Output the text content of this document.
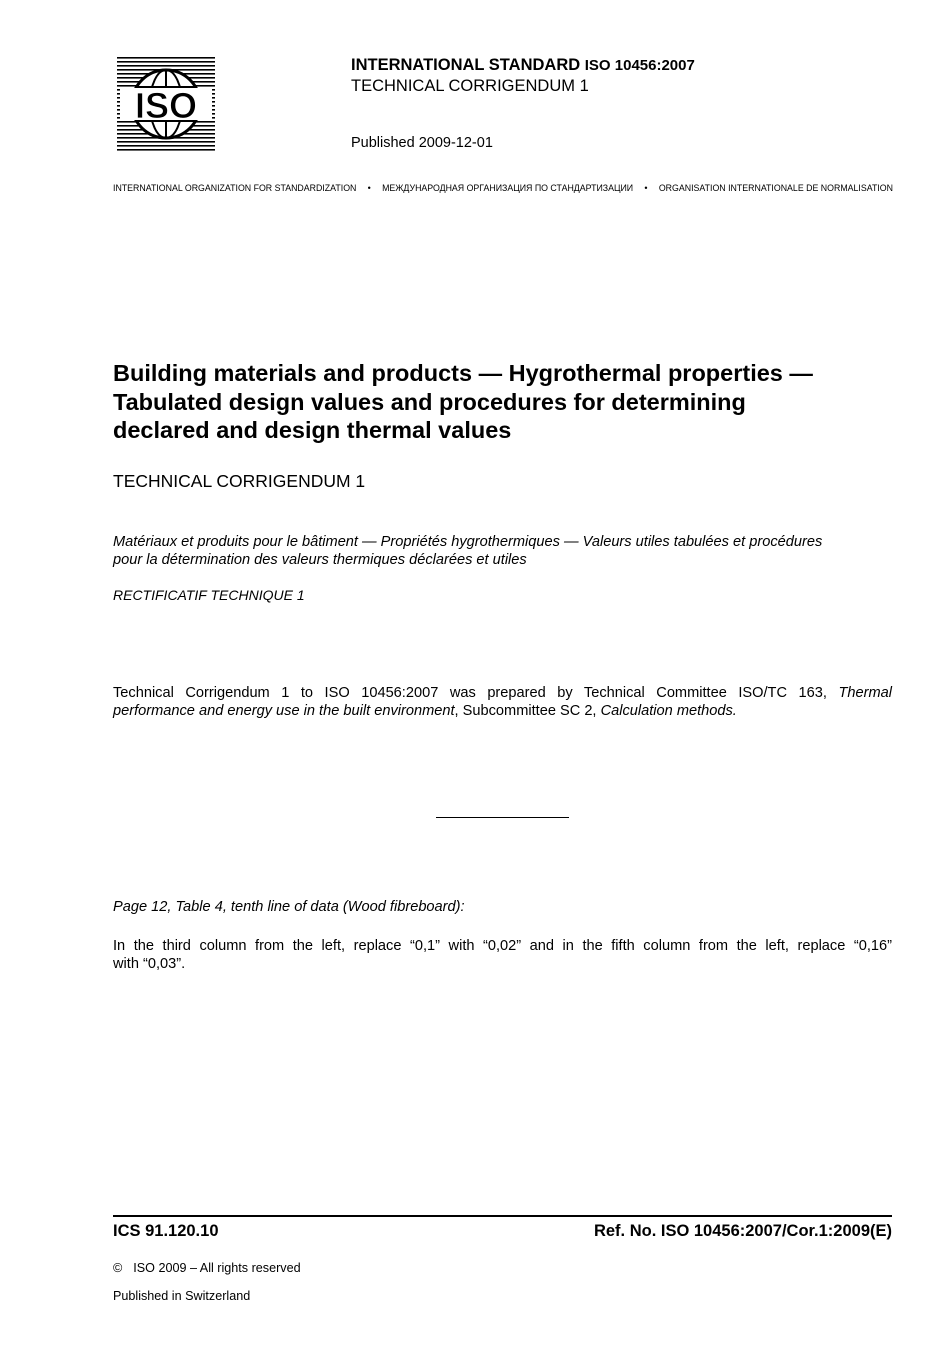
ISO
INTERNATIONAL STANDARD ISO 10456:2007
TECHNICAL CORRIGENDUM 1
Published 2009-12-01
INTERNATIONAL ORGANIZATION FOR STANDARDIZATION • МЕЖДУНАРОДНАЯ ОРГАНИЗАЦИЯ ПО СТАНДАРТИЗАЦИИ • ORGANISATION INTERNATIONALE DE NORMALISATION
Building materials and products — Hygrothermal properties —
Tabulated design values and procedures for determining
declared and design thermal values
TECHNICAL CORRIGENDUM 1
Matériaux et produits pour le bâtiment — Propriétés hygrothermiques — Valeurs utiles tabulées et procédures
pour la détermination des valeurs thermiques déclarées et utiles
RECTIFICATIF TECHNIQUE 1
Technical Corrigendum 1 to ISO 10456:2007 was prepared by Technical Committee ISO/TC 163, Thermal
performance and energy use in the built environment, Subcommittee SC 2, Calculation methods.
Page 12, Table 4, tenth line of data (Wood fibreboard):
In the third column from the left, replace “0,1” with “0,02” and in the fifth column from the left, replace “0,16”
with “0,03”.
ICS 91.120.10	Ref. No. ISO 10456:2007/Cor.1:2009(E)
© ISO 2009 – All rights reserved
Published in Switzerland
